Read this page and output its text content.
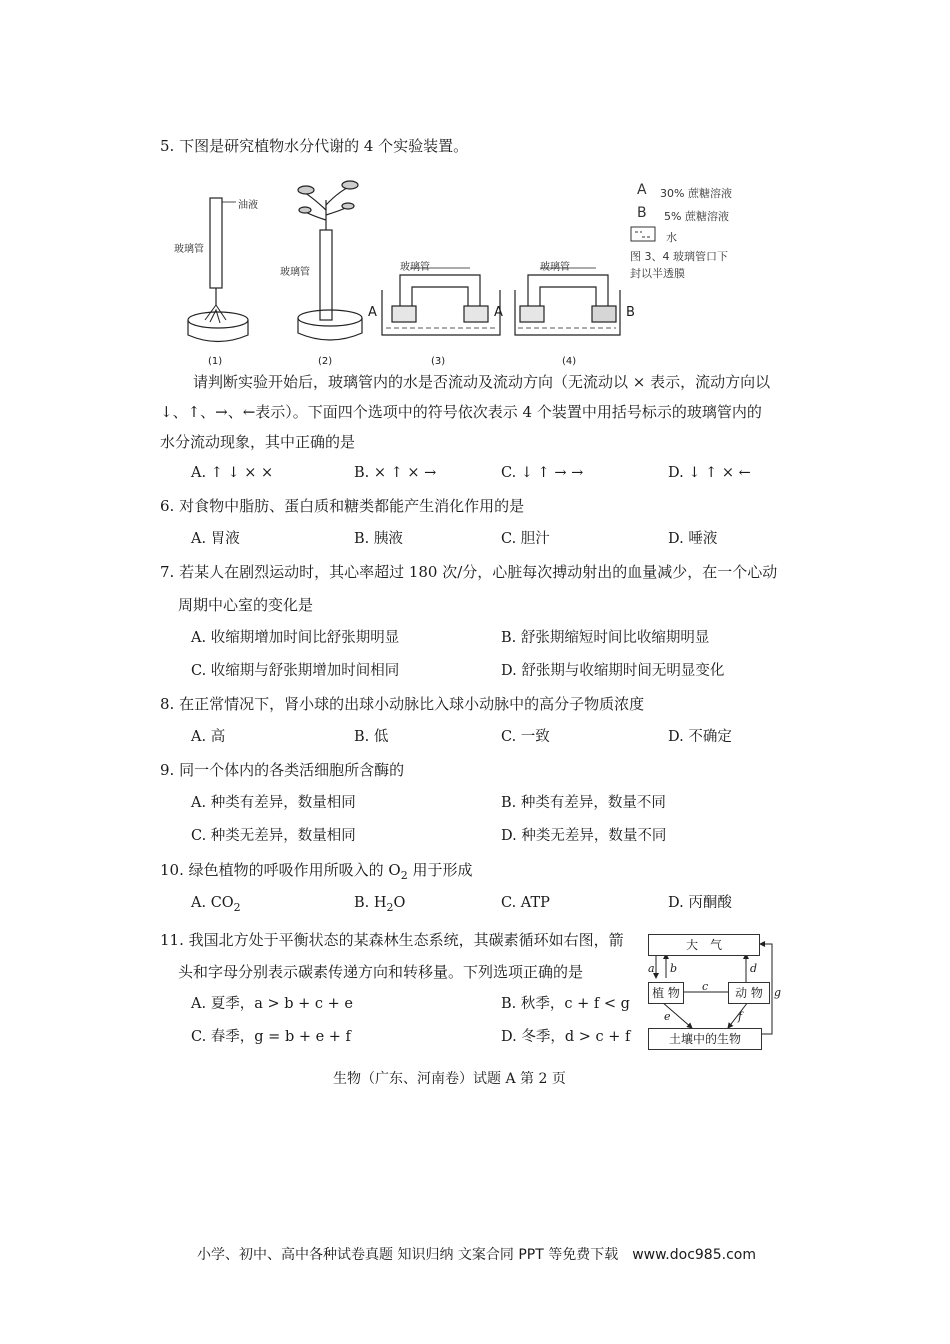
5. 下图是研究植物水分代谢的 4 个实验装置。
油液
玻璃管
玻璃管	玻璃管	玻璃管
(1)	(2)	(3)	(4)
A	A	B
A 30% 蔗糖溶液
B 5% 蔗糖溶液
水
图 3、4 玻璃管口下
封以半透膜
请判断实验开始后，玻璃管内的水是否流动及流动方向（无流动以 × 表示，流动方向以
↓、↑、→、←表示）。下面四个选项中的符号依次表示 4 个装置中用括号标示的玻璃管内的
水分流动现象，其中正确的是
A. ↑ ↓ × ×	B. × ↑ × →	C. ↓ ↑ → →	D. ↓ ↑ × ←
6. 对食物中脂肪、蛋白质和糖类都能产生消化作用的是
A. 胃液	B. 胰液	C. 胆汁	D. 唾液
7. 若某人在剧烈运动时，其心率超过 180 次/分，心脏每次搏动射出的血量减少，在一个心动
周期中心室的变化是
A. 收缩期增加时间比舒张期明显	B. 舒张期缩短时间比收缩期明显
C. 收缩期与舒张期增加时间相同	D. 舒张期与收缩期时间无明显变化
8. 在正常情况下，肾小球的出球小动脉比入球小动脉中的高分子物质浓度
A. 高	B. 低	C. 一致	D. 不确定
9. 同一个体内的各类活细胞所含酶的
A. 种类有差异，数量相同	B. 种类有差异，数量不同
C. 种类无差异，数量相同	D. 种类无差异，数量不同
10. 绿色植物的呼吸作用所吸入的 $O_2$ 用于形成
A. $CO_2$	B. $H_2O$	C. ATP	D. 丙酮酸
11. 我国北方处于平衡状态的某森林生态系统，其碳素循环如右图，箭
头和字母分别表示碳素传递方向和转移量。下列选项正确的是
A. 夏季，a > b + c + e	B. 秋季，c + f < g
C. 春季，g = b + e + f	D. 冬季，d > c + f
大　气
植 物	动 物
土壤中的生物
a b
c
d
e	f
g
生物（广东、河南卷）试题 A 第 2 页
小学、初中、高中各种试卷真题 知识归纳 文案合同 PPT 等免费下载　www.doc985.com
